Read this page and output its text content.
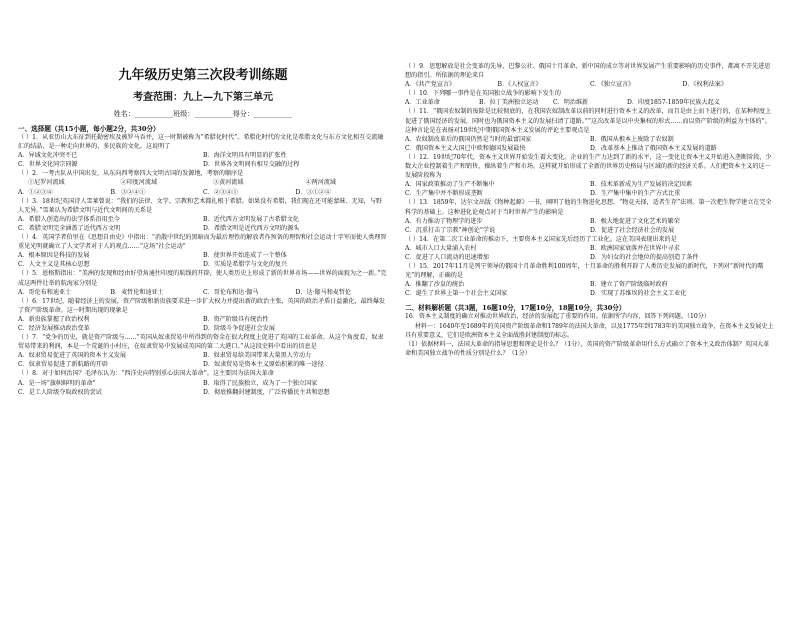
九年级历史第三次段考训练题
考查范围：九上—九下第三单元
姓名：___________班级：___________得分：___________
一、选择题（共15小题，每小题2分，共30分）
（ ）1．从亚历山大东征到托勒密埃及被罗马吞并，这一时期被称为“希腊化时代”。希腊化时代的文化是希腊文化与东方文化相互交流融汇的结晶，是一种走向世界的、多民族的文化。这说明了
A．异域文化冲突不已	B．海洋文明具有明显的扩张性
C．世界文化同宗同源	D．世界各文明间有相互交融的过程
（ ）2．一考古队从中国出发，从东向西考察四大文明古国的发源地，考察的顺序是
①尼罗河流域	②印度河流域	③黄河流域	④两河流域
A．①②③④	B．③②④①	C．②③④①	D．③①②④
（ ）3．18世纪英国诗人雪莱曾说：“我们的法律、文学、宗教和艺术都扎根于希腊。如果没有希腊，我们现在还可能蒙昧、无知，与野人无异。”雪莱认为希腊文明与近代文明间的关系是
A．希腊人创造出的法学体系沿用至今	B．近代西方文明发展了古希腊文化
C．希腊文明完全涵盖了近代西方文明	D．希腊文明是近代西方文明的源头
（ ）4．英国学者伯里在《思想自由史》中指出：“消散中世纪的黑暗而为最后理性的解放者作预备的理智和社会运动十字军而使人类理智重见光明就确立了人文学者对于人的观点……”这场“社会运动”
A．根本原因是科技的发展	B．使世界开始连成了一个整体
C．人文主义是其核心思想	D．实质是希腊学与文化的复兴
（ ）5．恩格斯指出：“美洲的发现和经由好望角通往印度的航线的开辟，使人类历史上形成了新的世界市场——世界的面貌为之一新。”完成这两件壮举的航海家分别是
A．哥伦布和迪亚士	B．麦哲伦和迪亚士	C．哥伦布和达·伽马	D．达·伽马和麦哲伦
（ ）6．17世纪，随着经济上的发展，资产阶级和新贵族要求进一步扩大权力并提出新的政治主张，英国的政治矛盾日益激化，最终爆发了资产阶级革命。这一时期出现的现象是
A．新贵族掌握了政治权利	B．资产阶级具有统治性
C．经济发展推动政治变革	D．阶级斗争促进社会发展
（ ）7．“党争的历史，就是资产阶级与……”英国从奴隶贸易中所得到的资金在很大程度上促进了英国的工业革命。从这个角度看，奴隶贸易带来的利润，本是一个荒诞的小村庄，在奴隶贸易中发展成英国的第二大港口。”从这段史料中看出的信息是
A．奴隶贸易促进了英国的资本主义发展	B．奴隶贸易给美国带来大量黑人劳动力
C．奴隶贸易促进了新航路的开辟	D．奴隶贸易是资本主义原始积累的唯一途径
（ ）8．对于如何治国？毛泽东认为：“西洋史向特别重心法国大革命”。这主要因为法国大革命
A．是一场“旗帜鲜明的革命”	B．取得了民族独立，成为了一个独立国家
C．是工人阶级夺取政权的尝试	D．彻底推翻封建制度，广泛传播民主共和思想
（ ）9．思想解放是社会变革的先导，巴黎公社、俄国十月革命、新中国的成立等对世界发展产生重要影响的历史事件，都离不开先进思想的指引。所依据的理论来自
A．《共产党宣言》	B．《人权宣言》	C．《独立宣言》	D．《权利法案》
（ ）10．下列哪一事件是在英国独立战争的影响下发生的
A．工业革命	B．拉丁美洲独立运动	C．明治维新	D．印度1857-1859年民族大起义
（ ）11．“俄国农奴制的废除是比较彻底的，在我国农奴制改革以前的同时进行资本主义的改革，而且是由上而下进行的，在某种程度上促进了俄国经济的发展，同时也为俄国资本主义的发展扫清了道路。”“这次改革是以中央集权的形式……而以资产阶级的利益为主体的”。这种言论是在表扬对19世纪中期俄国资本主义发展的评论主要观点是
A．农奴制改革后的俄国仍然是当时的最富国家	B．俄国从根本上废除了农奴制
C．俄国资本主义大国已中欧和德国发展最快	D．改革基本上推动了俄国资本主义发展的道路
（ ）12．19世纪70年代，资本主义世界开始发生着大变化。企业的生产力达到了新的水平，这一变化让资本主义开始进入垄断阶段，少数大企业控制着生产和销售，操纵着生产和市场。这样就开始形成了全新的世界历史格局与区域的新的经济关系。人们把资本主义的这一发展阶段称为
A．国家政策推动了生产不断集中	B．技术革新成为生产发展的决定因素
C．生产集中并不断形成垄断	D．生产集中集中的生产方式比重
（ ）13．1859年，达尔文出版《物种起源》一书，阐明了他的生物进化思想。“物竞天择，适者生存”法则。第一次把生物学建立在完全科学的基础上。这种进化论观点对于当时世界产生的影响是
A．有力推动了物理学的进步	B．极大地促进了文化艺术的繁荣
C．沉重打击了宗教“神创论”学说	D．促进了社会经济社会的发展
（ ）14．在第二次工业革命的推动下，主要资本主义国家先后经历了工业化。这在美国表现出来的是
A．城市人口大量涌入农村	B．欧洲国家衰落并在世界中寻求
C．促进了人口流动的迅速增加	D．为妇女的社会地位的提高创造了条件
（ ）15．2017年11月是列宁领导的俄国十月革命胜利100周年，十月革命的胜利开辟了人类历史发展的新时代，下列对“新时代的曙光”的理解，正确的是
A．推翻了沙皇的统治	B．建立了资产阶级临时政府
C．诞生了世界上第一个社会主义国家	D．实现了苏维埃的社会主义工业化
二、材料解析题（共3题，16题10分，17题10分，18题10分，共30分）
16．资本主义制度的确立对推动世界政治、经济的发展起了重要的作用。依据所学内容，回答下列问题。（10分）
材料一：1640年至1689年的英国资产阶级革命和1789年的法国大革命，以及1775年到1783年的美国独立战争，在资本主义发展史上具有重要意义，它们是欧洲资本主义全面战胜封建制度的标志。
（1）依据材料一，法国大革命的指导思想和理论是什么？（1分），英国的资产阶级革命用什么方式确立了资本主义政治体制？英国大革命和美国独立战争的性质分别是什么？（1分）
